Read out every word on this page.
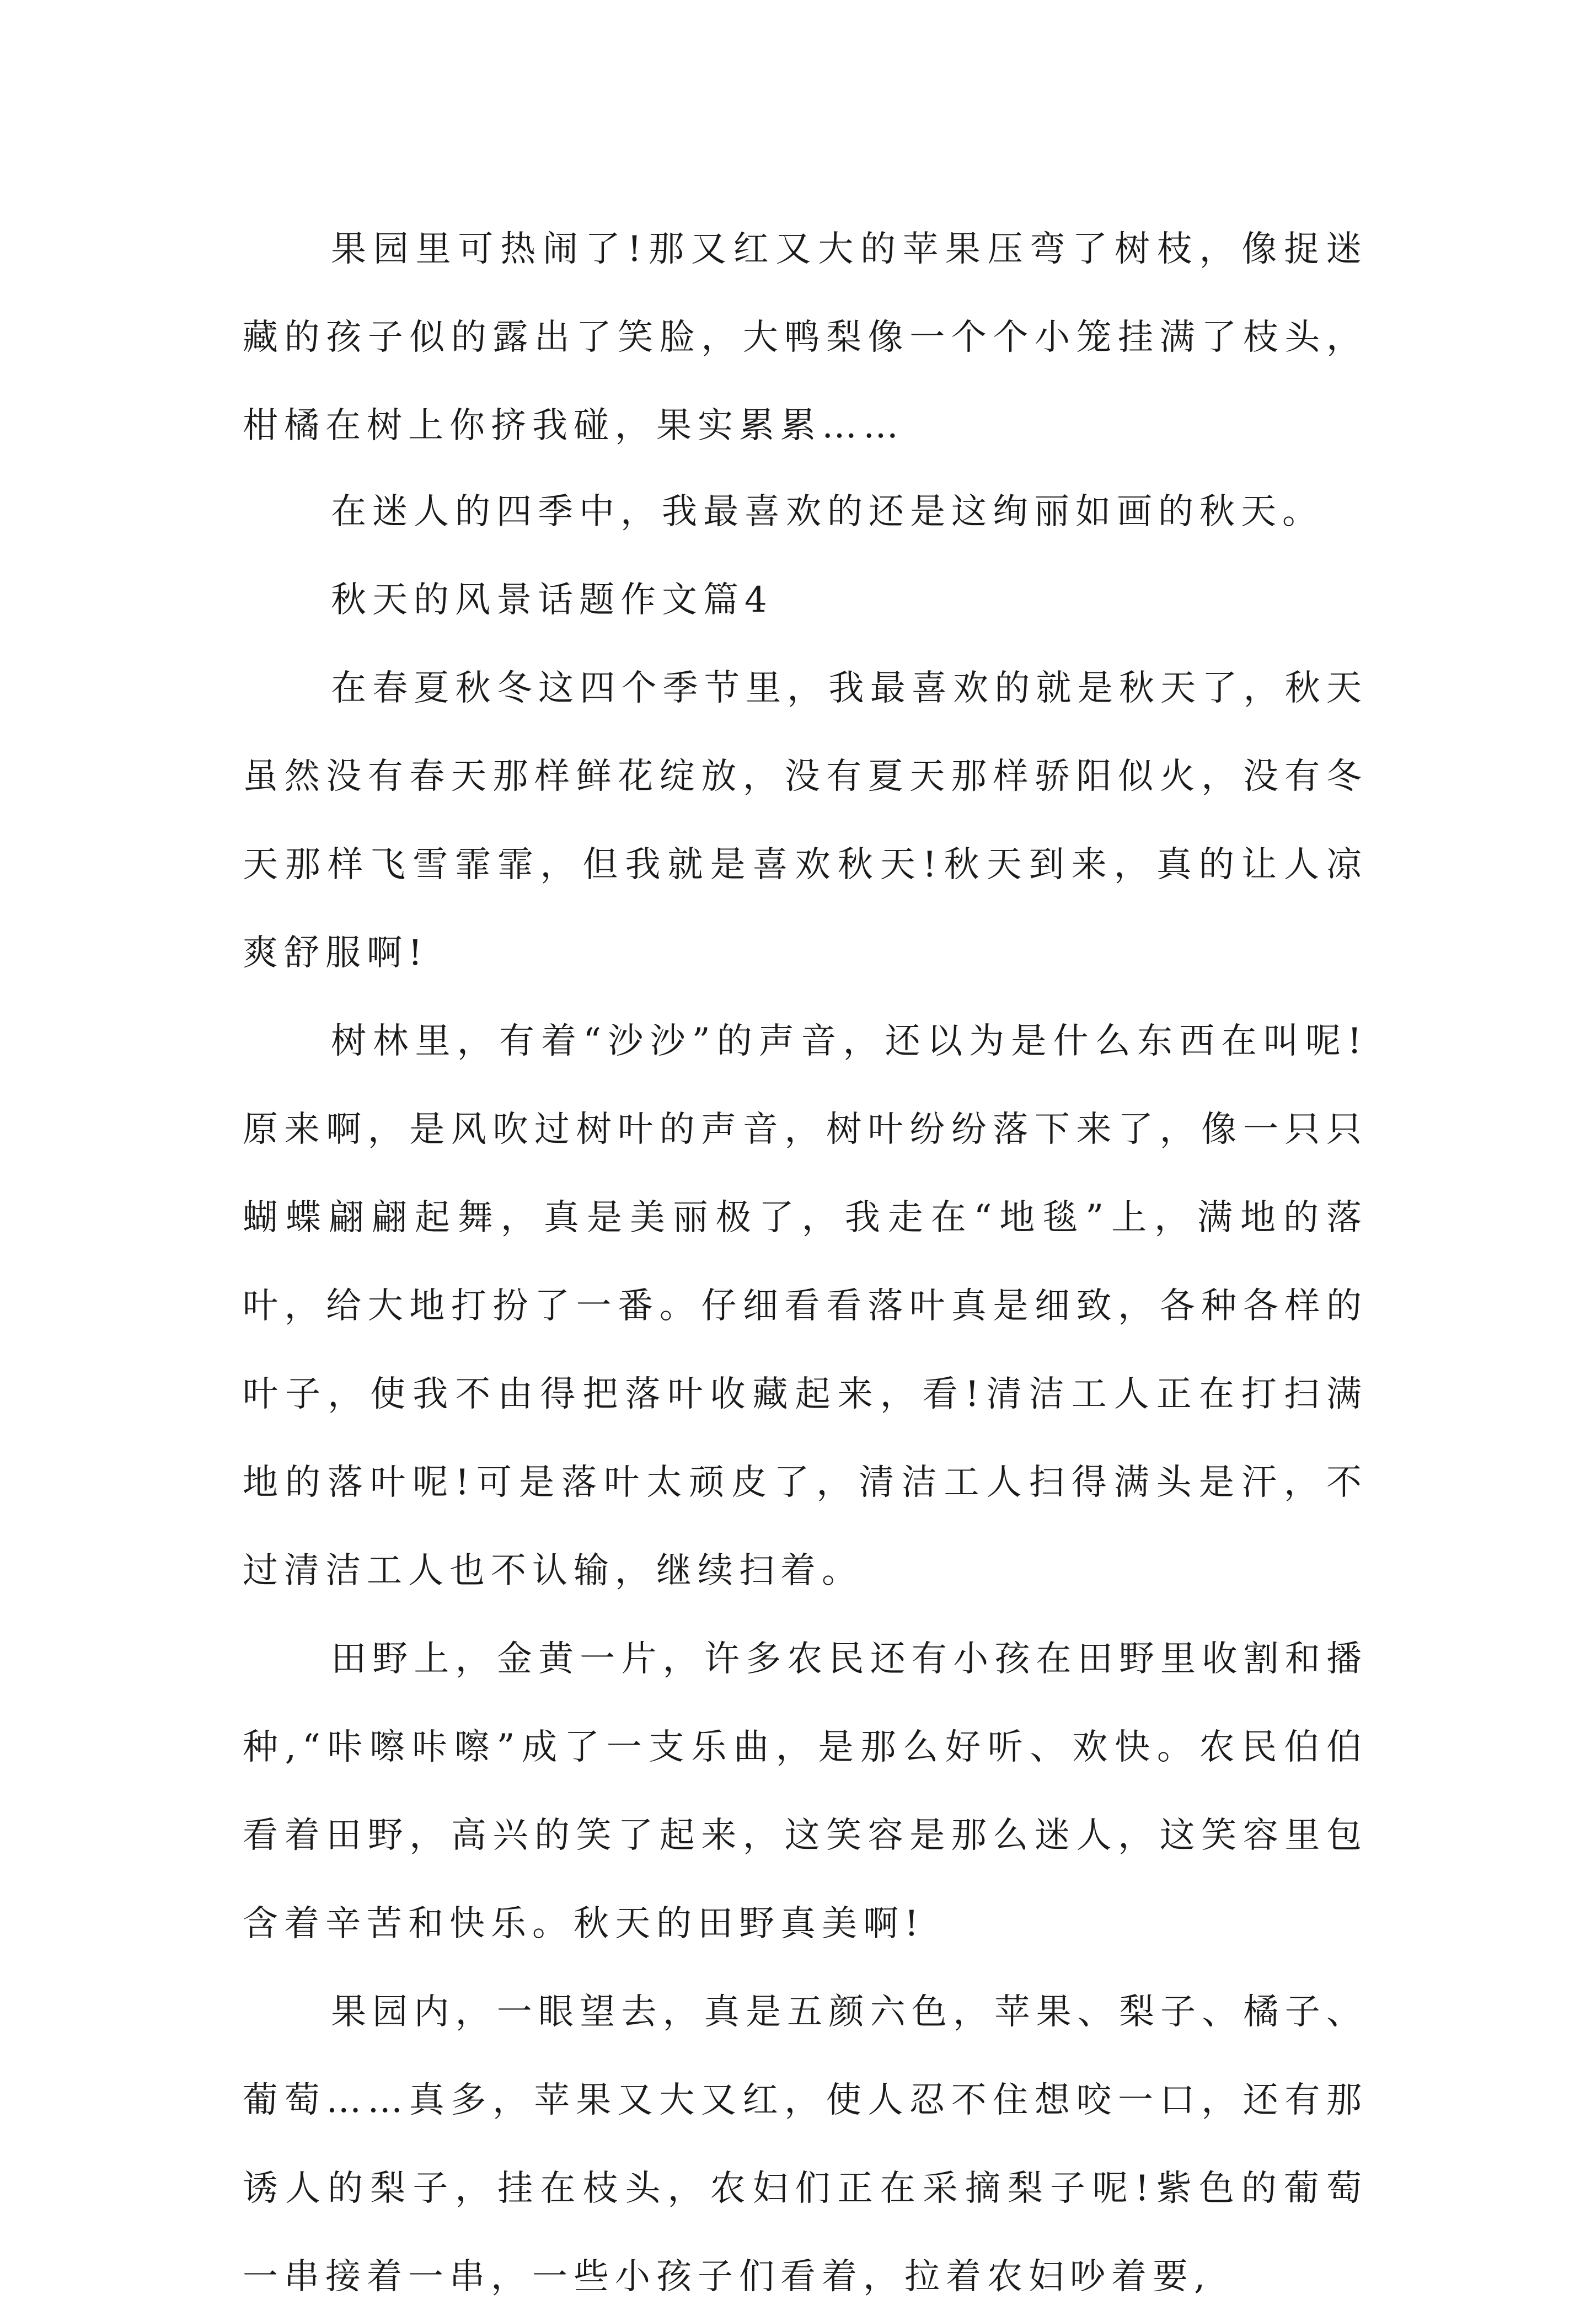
果园里可热闹了!那又红又大的苹果压弯了树枝，像捉迷藏的孩子似的露出了笑脸，大鸭梨像一个个小笼挂满了枝头，柑橘在树上你挤我碰，果实累累……

在迷人的四季中，我最喜欢的还是这绚丽如画的秋天。

秋天的风景话题作文篇4

在春夏秋冬这四个季节里，我最喜欢的就是秋天了，秋天虽然没有春天那样鲜花绽放，没有夏天那样骄阳似火，没有冬天那样飞雪霏霏，但我就是喜欢秋天!秋天到来，真的让人凉爽舒服啊!

树林里，有着“沙沙”的声音，还以为是什么东西在叫呢!原来啊，是风吹过树叶的声音，树叶纷纷落下来了，像一只只蝴蝶翩翩起舞，真是美丽极了，我走在“地毯”上，满地的落叶，给大地打扮了一番。仔细看看落叶真是细致，各种各样的叶子，使我不由得把落叶收藏起来，看!清洁工人正在打扫满地的落叶呢!可是落叶太顽皮了，清洁工人扫得满头是汗，不过清洁工人也不认输，继续扫着。

田野上，金黄一片，许多农民还有小孩在田野里收割和播种,“咔嚓咔嚓”成了一支乐曲，是那么好听、欢快。农民伯伯看着田野，高兴的笑了起来，这笑容是那么迷人，这笑容里包含着辛苦和快乐。秋天的田野真美啊!

果园内，一眼望去，真是五颜六色，苹果、梨子、橘子、葡萄……真多，苹果又大又红，使人忍不住想咬一口，还有那诱人的梨子，挂在枝头，农妇们正在采摘梨子呢!紫色的葡萄一串接着一串，一些小孩子们看着，拉着农妇吵着要,
